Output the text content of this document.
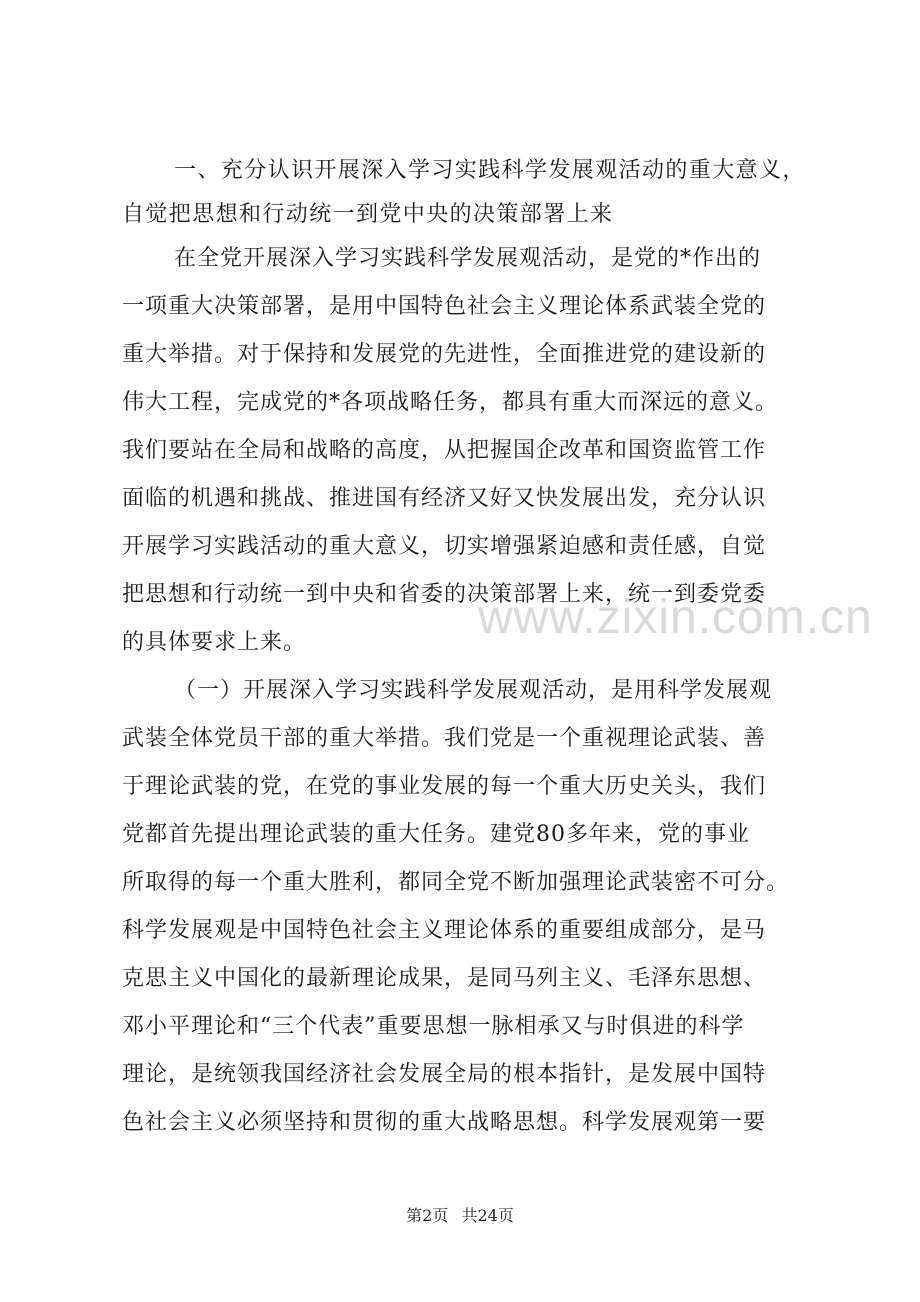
一、充分认识开展深入学习实践科学发展观活动的重大意义，
自觉把思想和行动统一到党中央的决策部署上来
在全党开展深入学习实践科学发展观活动，是党的*作出的
一项重大决策部署，是用中国特色社会主义理论体系武装全党的
重大举措。对于保持和发展党的先进性，全面推进党的建设新的
伟大工程，完成党的*各项战略任务，都具有重大而深远的意义。
我们要站在全局和战略的高度，从把握国企改革和国资监管工作
面临的机遇和挑战、推进国有经济又好又快发展出发，充分认识
开展学习实践活动的重大意义，切实增强紧迫感和责任感，自觉
把思想和行动统一到中央和省委的决策部署上来，统一到委党委
的具体要求上来。
（一）开展深入学习实践科学发展观活动，是用科学发展观
武装全体党员干部的重大举措。我们党是一个重视理论武装、善
于理论武装的党，在党的事业发展的每一个重大历史关头，我们
党都首先提出理论武装的重大任务。建党80多年来，党的事业
所取得的每一个重大胜利，都同全党不断加强理论武装密不可分。
科学发展观是中国特色社会主义理论体系的重要组成部分，是马
克思主义中国化的最新理论成果，是同马列主义、毛泽东思想、
邓小平理论和“三个代表”重要思想一脉相承又与时俱进的科学
理论，是统领我国经济社会发展全局的根本指针，是发展中国特
色社会主义必须坚持和贯彻的重大战略思想。科学发展观第一要
www.zixin.com.cn
第2页 共24页
